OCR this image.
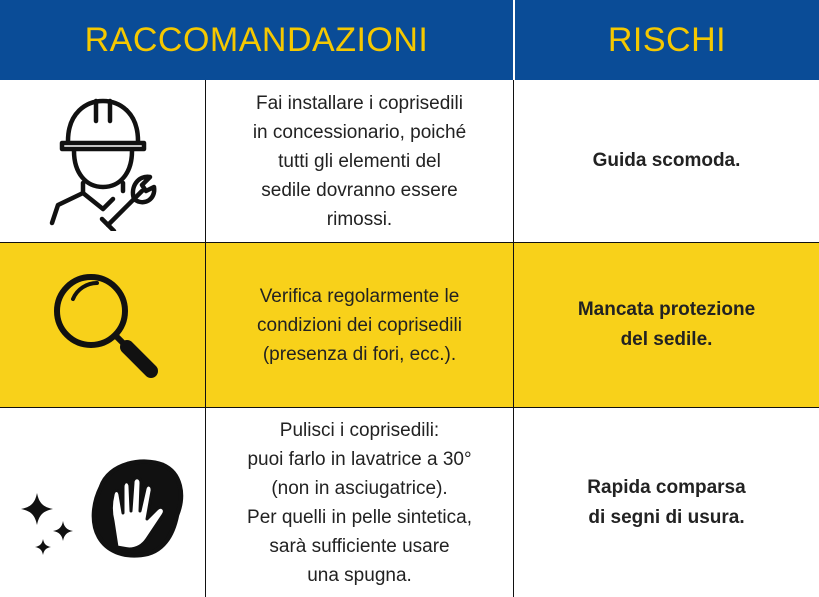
RACCOMANDAZIONI	RISCHI
Fai installare i coprisedili
in concessionario, poiché
tutti gli elementi del
sedile dovranno essere
rimossi.
Guida scomoda.
Verifica regolarmente le
condizioni dei coprisedili
(presenza di fori, ecc.).
Mancata protezione
del sedile.
Pulisci i coprisedili:
puoi farlo in lavatrice a 30°
(non in asciugatrice).
Per quelli in pelle sintetica,
sarà sufficiente usare
una spugna.
Rapida comparsa
di segni di usura.
